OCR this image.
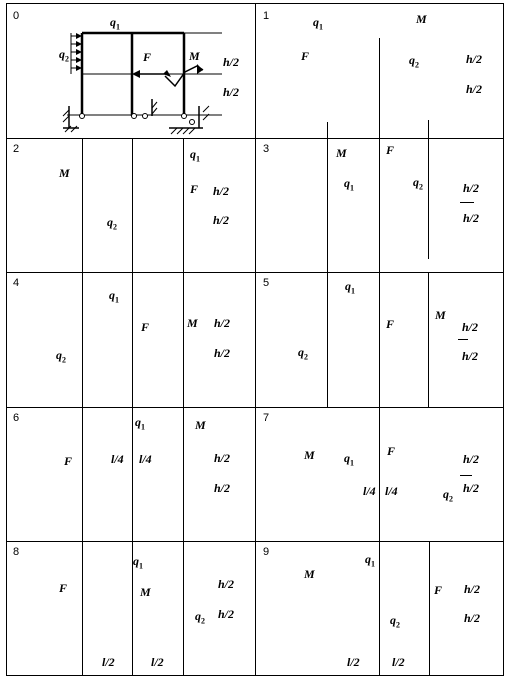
0	$q_1$
$q_2$	F	M h/2
h/2
1	$q_1$
M
F	$q_2$	h/2
h/2
2
M
$q_2$
$q_1$
F h/2
h/2
3	M	F
$q_1$	$q_2$	h/2
h/2
4
$q_1$
F	M
$q_2$
h/2
h/2
5	$q_1$
F
M
$q_2$
h/2
h/2
6	$q_1$	M
F	l/4 l/4	h/2
h/2
7
M $q_1$
F
h/2
h/2
l/4 l/4	$q_2$
8
F
$q_1$
M
h/2
h/2
$q_2$
l/2	l/2
9
M
$q_1$
F h/2
h/2
$q_2$
l/2	l/2
